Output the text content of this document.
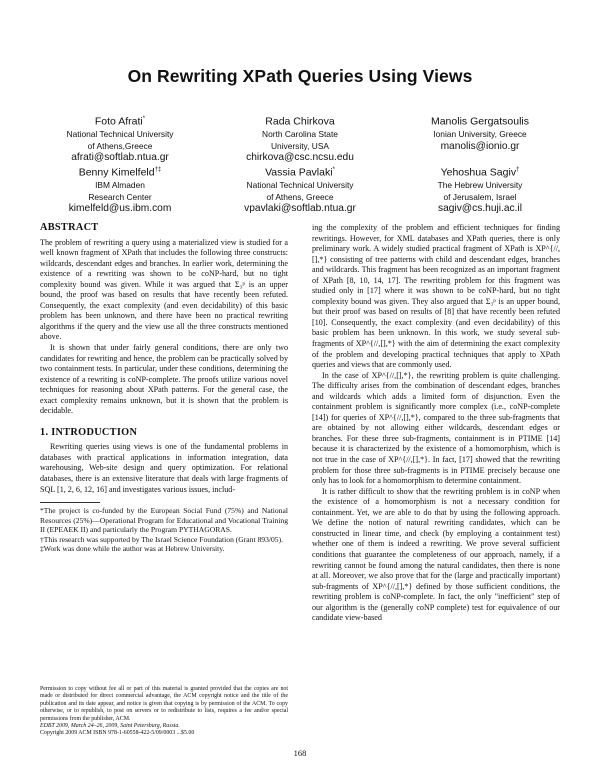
On Rewriting XPath Queries Using Views
Foto Afrati*
National Technical University
of Athens,Greece
afrati@softlab.ntua.gr
Rada Chirkova
North Carolina State
University, USA
chirkova@csc.ncsu.edu
Manolis Gergatsoulis
Ionian University, Greece
manolis@ionio.gr
Benny Kimelfeld†‡
IBM Almaden
Research Center
kimelfeld@us.ibm.com
Vassia Pavlaki*
National Technical University
of Athens, Greece
vpavlaki@softlab.ntua.gr
Yehoshua Sagiv†
The Hebrew University
of Jerusalem, Israel
sagiv@cs.huji.ac.il
ABSTRACT

The problem of rewriting a query using a materialized view is studied for a well known fragment of XPath that includes the following three constructs: wildcards, descendant edges and branches. In earlier work, determining the existence of a rewriting was shown to be coNP-hard, but no tight complexity bound was given. While it was argued that Σ₃ᵖ is an upper bound, the proof was based on results that have recently been refuted. Consequently, the exact complexity (and even decidability) of this basic problem has been unknown, and there have been no practical rewriting algorithms if the query and the view use all the three constructs mentioned above.

It is shown that under fairly general conditions, there are only two candidates for rewriting and hence, the problem can be practically solved by two containment tests. In particular, under these conditions, determining the existence of a rewriting is coNP-complete. The proofs utilize various novel techniques for reasoning about XPath patterns. For the general case, the exact complexity remains unknown, but it is shown that the problem is decidable.

1. INTRODUCTION

Rewriting queries using views is one of the fundamental problems in databases with practical applications in information integration, data warehousing, Web-site design and query optimization. For relational databases, there is an extensive literature that deals with large fragments of SQL [1, 2, 6, 12, 16] and investigates various issues, includ-

*The project is co-funded by the European Social Fund (75%) and National Resources (25%)—Operational Program for Educational and Vocational Training II (EPEAEK II) and particularly the Program PYTHAGORAS.

†This research was supported by The Israel Science Foundation (Grant 893/05).

‡Work was done while the author was at Hebrew University.

Permission to copy without fee all or part of this material is granted provided that the copies are not made or distributed for direct commercial advantage, the ACM copyright notice and the title of the publication and its date appear, and notice is given that copying is by permission of the ACM. To copy otherwise, or to republish, to post on servers or to redistribute to lists, requires a fee and/or special permissions from the publisher, ACM.
EDBT 2009, March 24–26, 2009, Saint Petersburg, Russia.
Copyright 2009 ACM ISBN 978-1-60558-422-5/09/0003 ...$5.00

ing the complexity of the problem and efficient techniques for finding rewritings. However, for XML databases and XPath queries, there is only preliminary work. A widely studied practical fragment of XPath is XP^{//,[],*} consisting of tree patterns with child and descendant edges, branches and wildcards. This fragment has been recognized as an important fragment of XPath [8, 10, 14, 17]. The rewriting problem for this fragment was studied only in [17] where it was shown to be coNP-hard, but no tight complexity bound was given. They also argued that Σ₃ᵖ is an upper bound, but their proof was based on results of [8] that have recently been refuted [10]. Consequently, the exact complexity (and even decidability) of this basic problem has been unknown. In this work, we study several sub-fragments of XP^{//,[],*} with the aim of determining the exact complexity of the problem and developing practical techniques that apply to XPath queries and views that are commonly used.

In the case of XP^{//,[],*}, the rewriting problem is quite challenging. The difficulty arises from the combination of descendant edges, branches and wildcards which adds a limited form of disjunction. Even the containment problem is significantly more complex (i.e., coNP-complete [14]) for queries of XP^{//,[],*}, compared to the three sub-fragments that are obtained by not allowing either wildcards, descendant edges or branches. For these three sub-fragments, containment is in PTIME [14] because it is characterized by the existence of a homomorphism, which is not true in the case of XP^{//,[],*}. In fact, [17] showed that the rewriting problem for those three sub-fragments is in PTIME precisely because one only has to look for a homomorphism to determine containment.

It is rather difficult to show that the rewriting problem is in coNP when the existence of a homomorphism is not a necessary condition for containment. Yet, we are able to do that by using the following approach. We define the notion of natural rewriting candidates, which can be constructed in linear time, and check (by employing a containment test) whether one of them is indeed a rewriting. We prove several sufficient conditions that guarantee the completeness of our approach, namely, if a rewriting cannot be found among the natural candidates, then there is none at all. Moreover, we also prove that for the (large and practically important) sub-fragments of XP^{//,[],*} defined by those sufficient conditions, the rewriting problem is coNP-complete. In fact, the only "inefficient" step of our algorithm is the (generally coNP complete) test for equivalence of our candidate view-based

168
